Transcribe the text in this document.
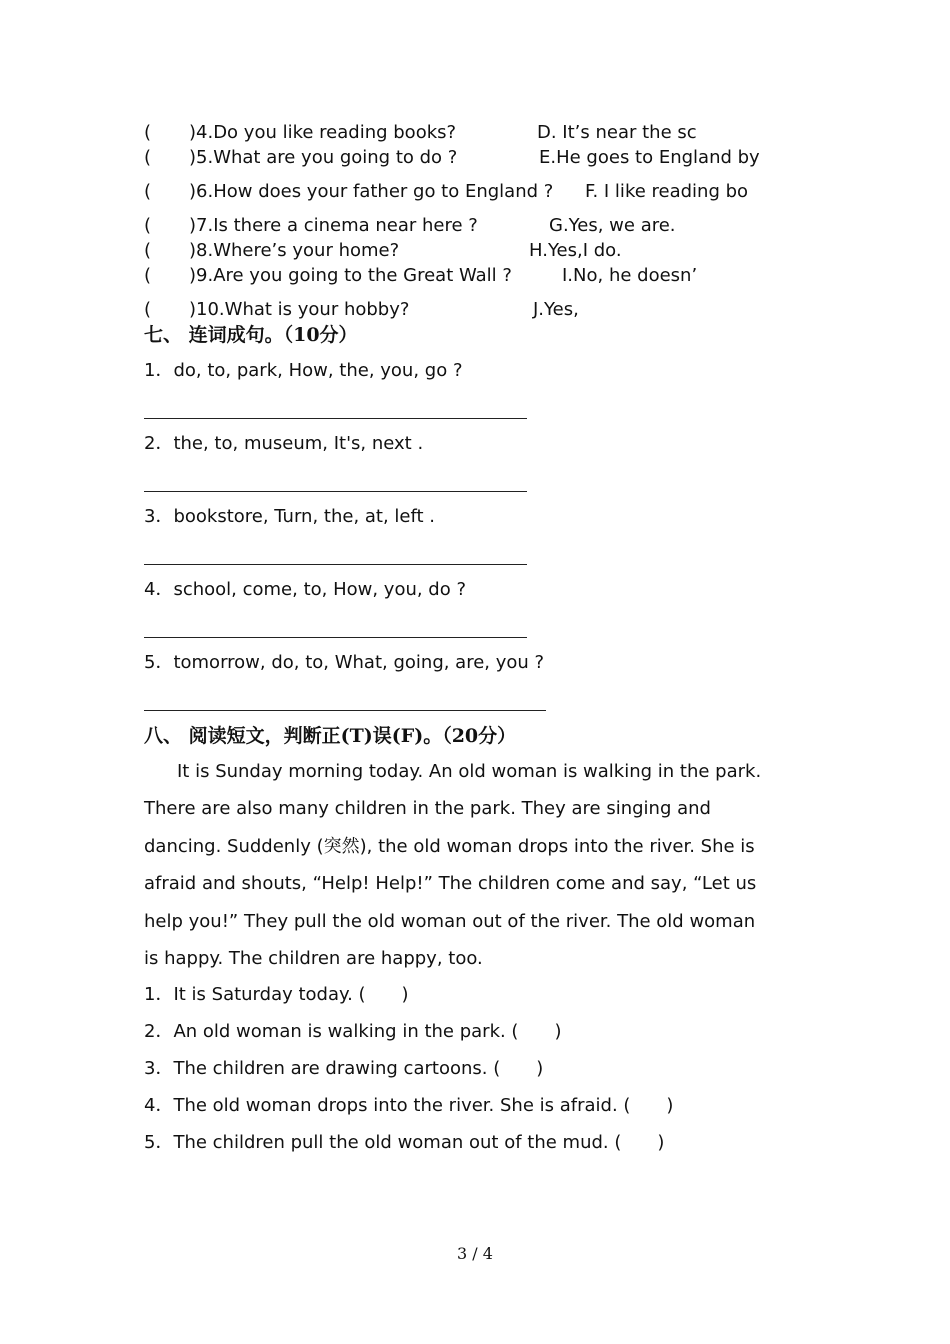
( )4.Do you like reading books?	D. It’s near the sc
( )5.What are you going to do ?	E.He goes to England by
( )6.How does your father go to England ? F. I like reading bo
( )7.Is there a cinema near here ?	G.Yes, we are.
( )8.Where’s your home?	H.Yes,I do.
( )9.Are you going to the Great Wall ?	I.No, he doesn’
( )10.What is your hobby?	J.Yes,
七、 连词成句。（10分）
1．do, to, park, How, the, you, go ?
2．the, to, museum, It's, next .
3．bookstore, Turn, the, at, left .
4．school, come, to, How, you, do ?
5．tomorrow, do, to, What, going, are, you ?
八、 阅读短文，判断正(T)误(F)。（20分）
It is Sunday morning today. An old woman is walking in the park.
There are also many children in the park. They are singing and
dancing. Suddenly (突然), the old woman drops into the river. She is
afraid and shouts, “Help! Help!” The children come and say, “Let us
help you!” They pull the old woman out of the river. The old woman
is happy. The children are happy, too.
1．It is Saturday today. (　　)
2．An old woman is walking in the park. (　　)
3．The children are drawing cartoons. (　　)
4．The old woman drops into the river. She is afraid. (　　)
5．The children pull the old woman out of the mud. (　　)
3 / 4
